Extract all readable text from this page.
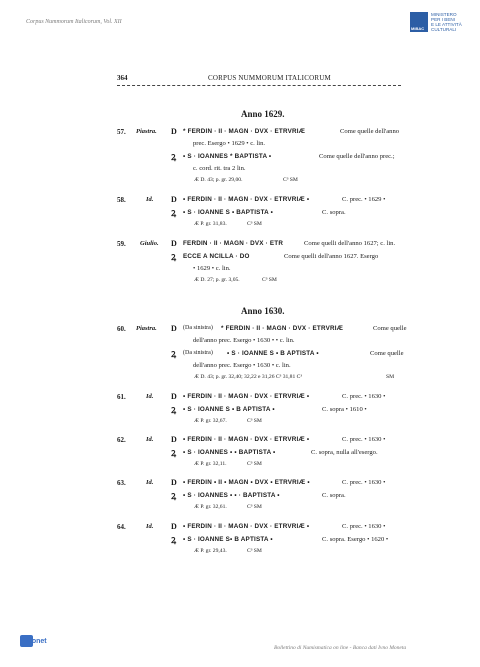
Corpus Nummorum Italicorum, Vol. XII
MiBAC
MINISTERO
PER I BENI
E LE ATTIVITÀ
CULTURALI
364	CORPUS NUMMORUM ITALICORUM
Anno 1629.
57. Piastra. D * FERDIN · II · MAGN · DVX · ETRVRIÆ	Come quelle dell'anno
prec. Esergo • 1629 • c. lin.
Ꝝ • S · IOANNES * BAPTISTA •	Come quelle dell'anno prec.;
c. cord. rit. tra 2 lin.
Æ D. 43; p. gr. 29,00.	C³ SM
58.	Id. D • FERDIN · II · MAGN · DVX · ETRVRIÆ •	C. prec. • 1629 •
Ꝝ • S · IOANNE S • BAPTISTA •	C. sopra.
Æ P. gr. 31,83.	C³ SM
59. Giulio. D FERDIN · II · MAGN · DVX · ETR	Come quelli dell'anno 1627; c. lin.
Ꝝ ECCE A NCILLA · DO	Come quelli dell'anno 1627. Esergo
• 1629 • c. lin.
Æ D. 27; p. gr. 3,05.	C³ SM
Anno 1630.
60. Piastra. D (Da sinistra) * FERDIN · II · MAGN · DVX · ETRVRIÆ	Come quelle
dell'anno prec. Esergo • 1630 • • c. lin.
Ꝝ (Da sinistra) • S · IOANNE S • B APTISTA •	Come quelle
dell'anno prec. Esergo • 1630 • c. lin.
Æ D. 43; p. gr. 32,40; 32,22 e 31,26 C³ 31,81 C³	SM
61.	Id. D • FERDIN · II · MAGN · DVX · ETRVRIÆ •	C. prec. • 1630 •
Ꝝ • S · IOANNE S • B APTISTA •	C. sopra • 1610 •
Æ P. gr. 32,67.	C³ SM
62.	Id. D • FERDIN · II · MAGN · DVX · ETRVRIÆ •	C. prec. • 1630 •
Ꝝ • S · IOANNES • • BAPTISTA •	C. sopra, nulla all'esergo.
Æ P. gr. 32,11.	C³ SM
63.	Id. D • FERDIN • II • MAGN • DVX • ETRVRIÆ •	C. prec. • 1630 •
Ꝝ • S · IOANNES • • · BAPTISTA •	C. sopra.
Æ P. gr. 32,61.	C³ SM
64.	Id. D • FERDIN · II · MAGN · DVX · ETRVRIÆ •	C. prec. • 1630 •
Ꝝ • S · IOANNE S• B APTISTA •	C. sopra. Esergo • 1620 •
Æ P. gr. 29,43.	C³ SM
Monet
Bollettino di Numismatica on line - Banca dati Ivno Moneta
